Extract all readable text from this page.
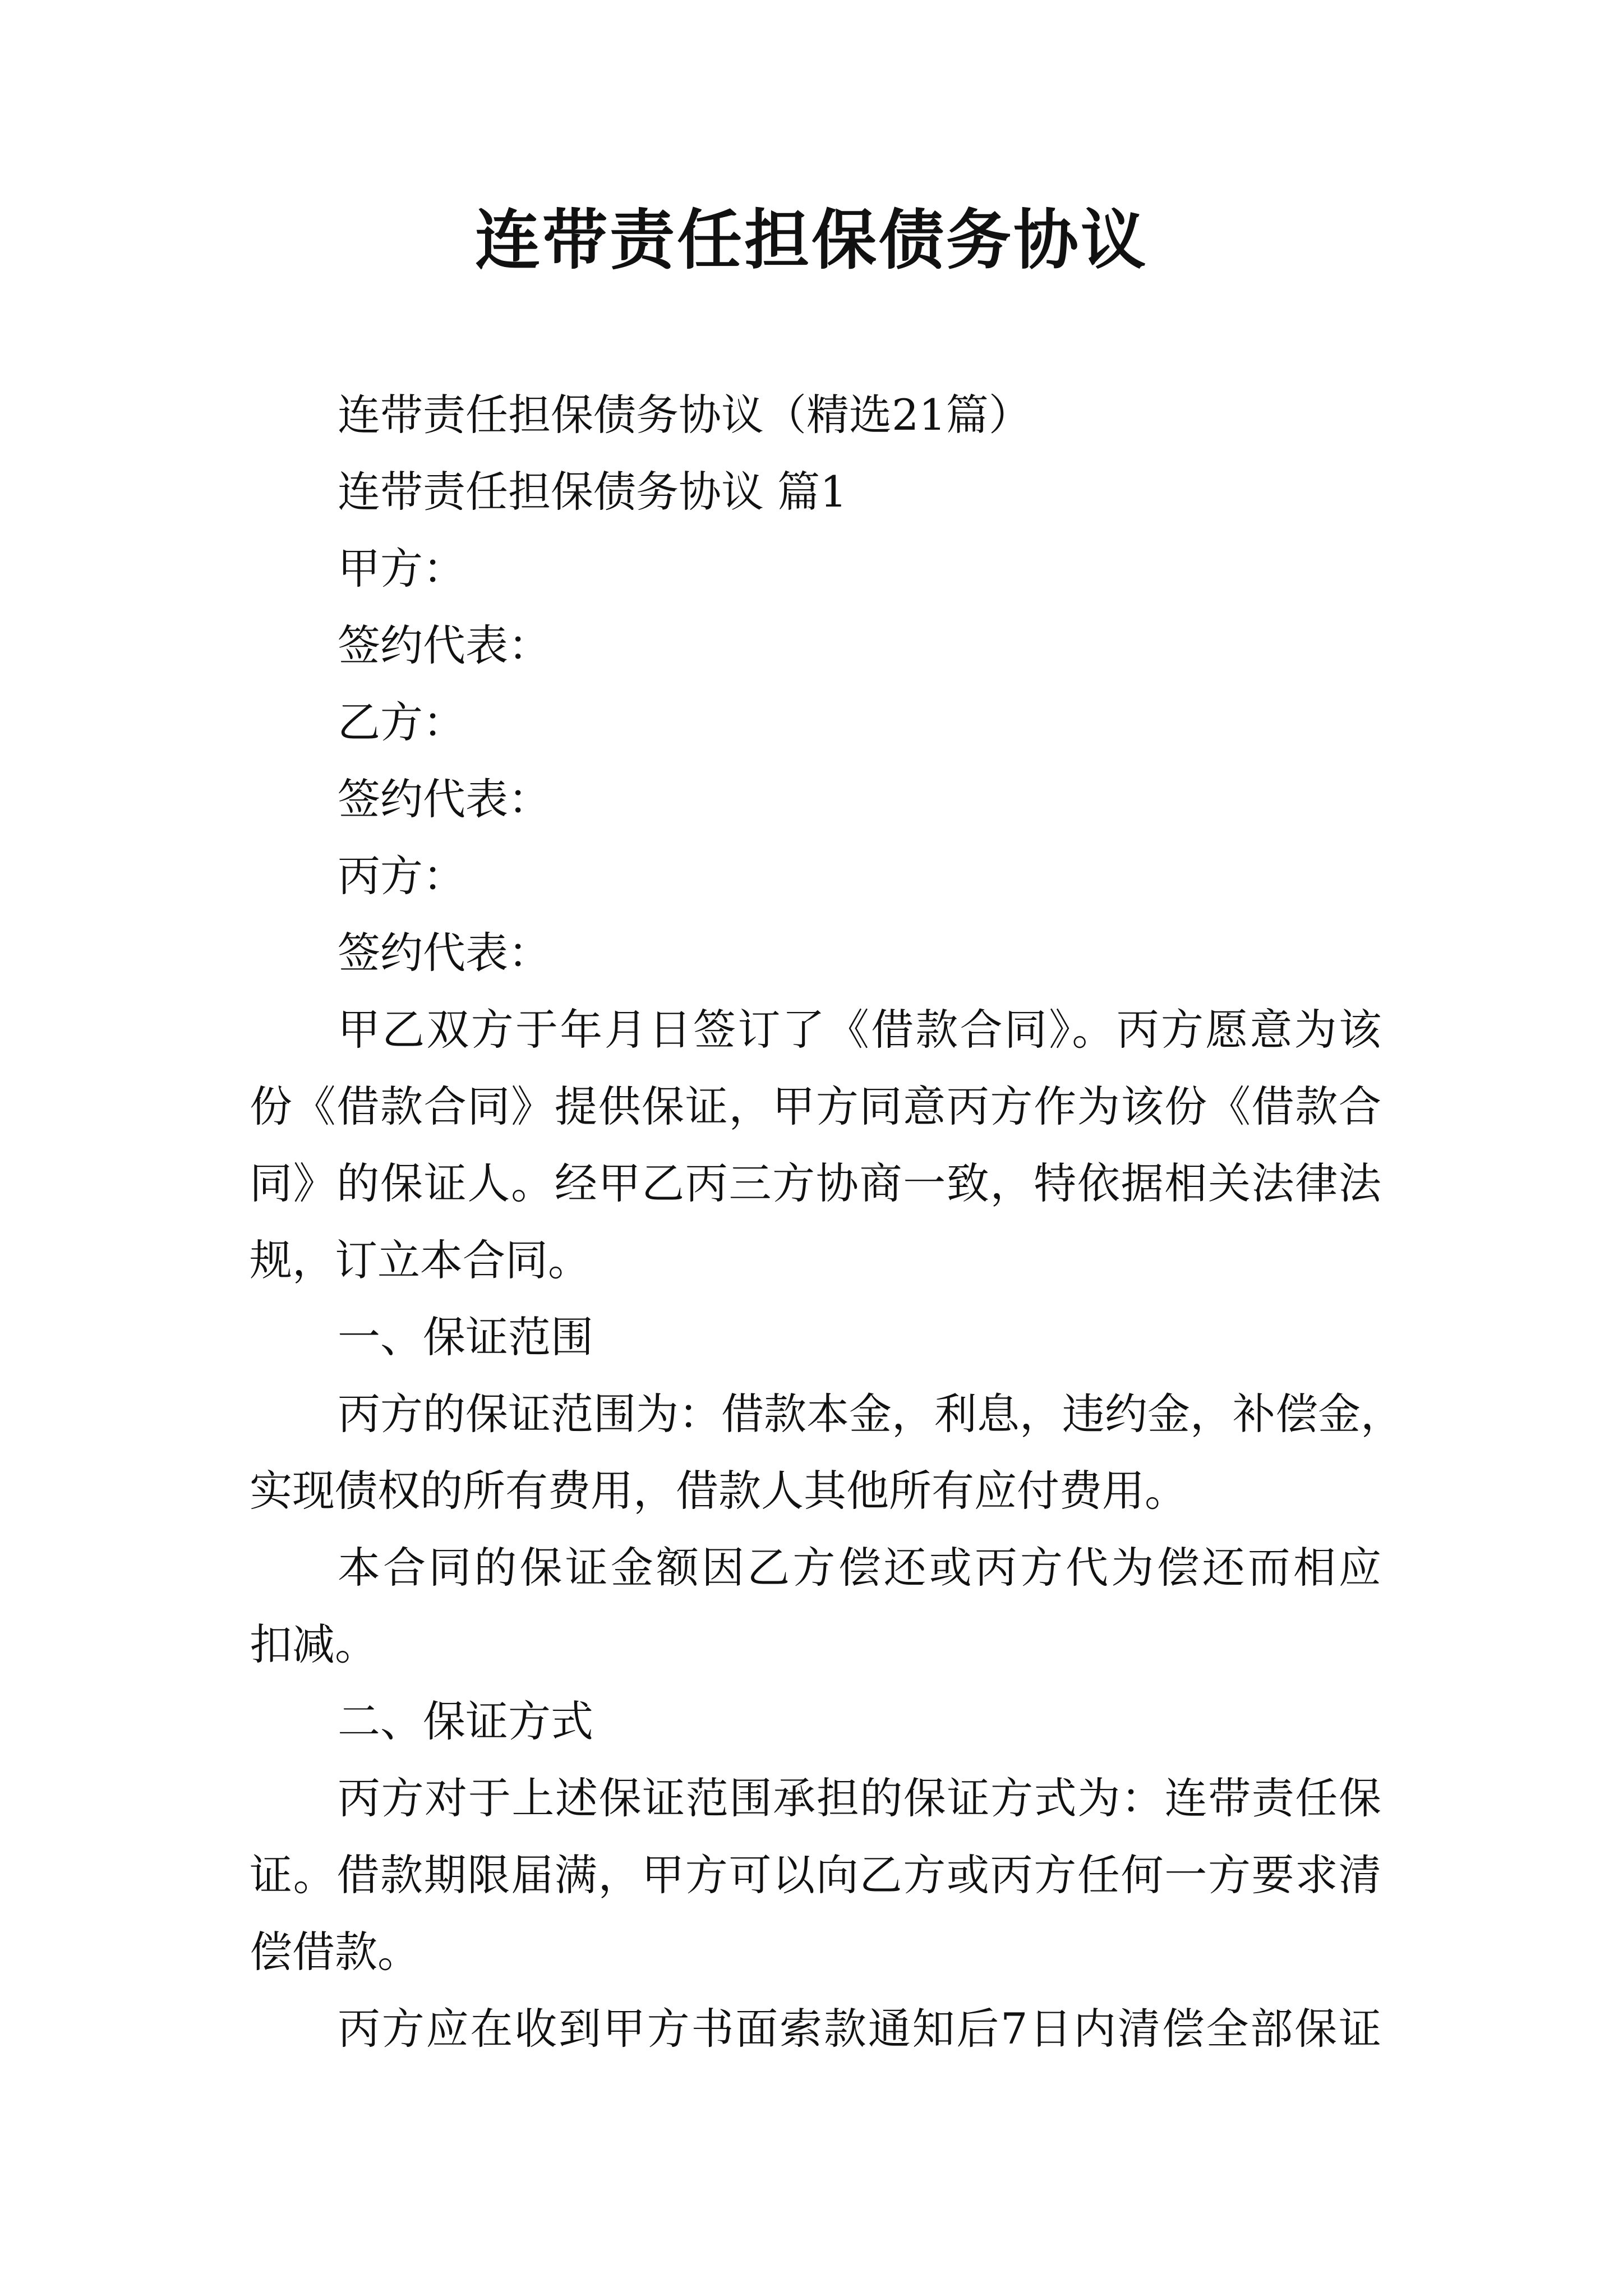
连带责任担保债务协议
连带责任担保债务协议（精选21篇）
连带责任担保债务协议 篇1
甲方：
签约代表：
乙方：
签约代表：
丙方：
签约代表：
甲乙双方于年月日签订了《借款合同》。丙方愿意为该
份《借款合同》提供保证，甲方同意丙方作为该份《借款合
同》的保证人。经甲乙丙三方协商一致，特依据相关法律法
规，订立本合同。
一、保证范围
丙方的保证范围为：借款本金，利息，违约金，补偿金，
实现债权的所有费用，借款人其他所有应付费用。
本合同的保证金额因乙方偿还或丙方代为偿还而相应
扣减。
二、保证方式
丙方对于上述保证范围承担的保证方式为：连带责任保
证。借款期限届满，甲方可以向乙方或丙方任何一方要求清
偿借款。
丙方应在收到甲方书面索款通知后7日内清偿全部保证
